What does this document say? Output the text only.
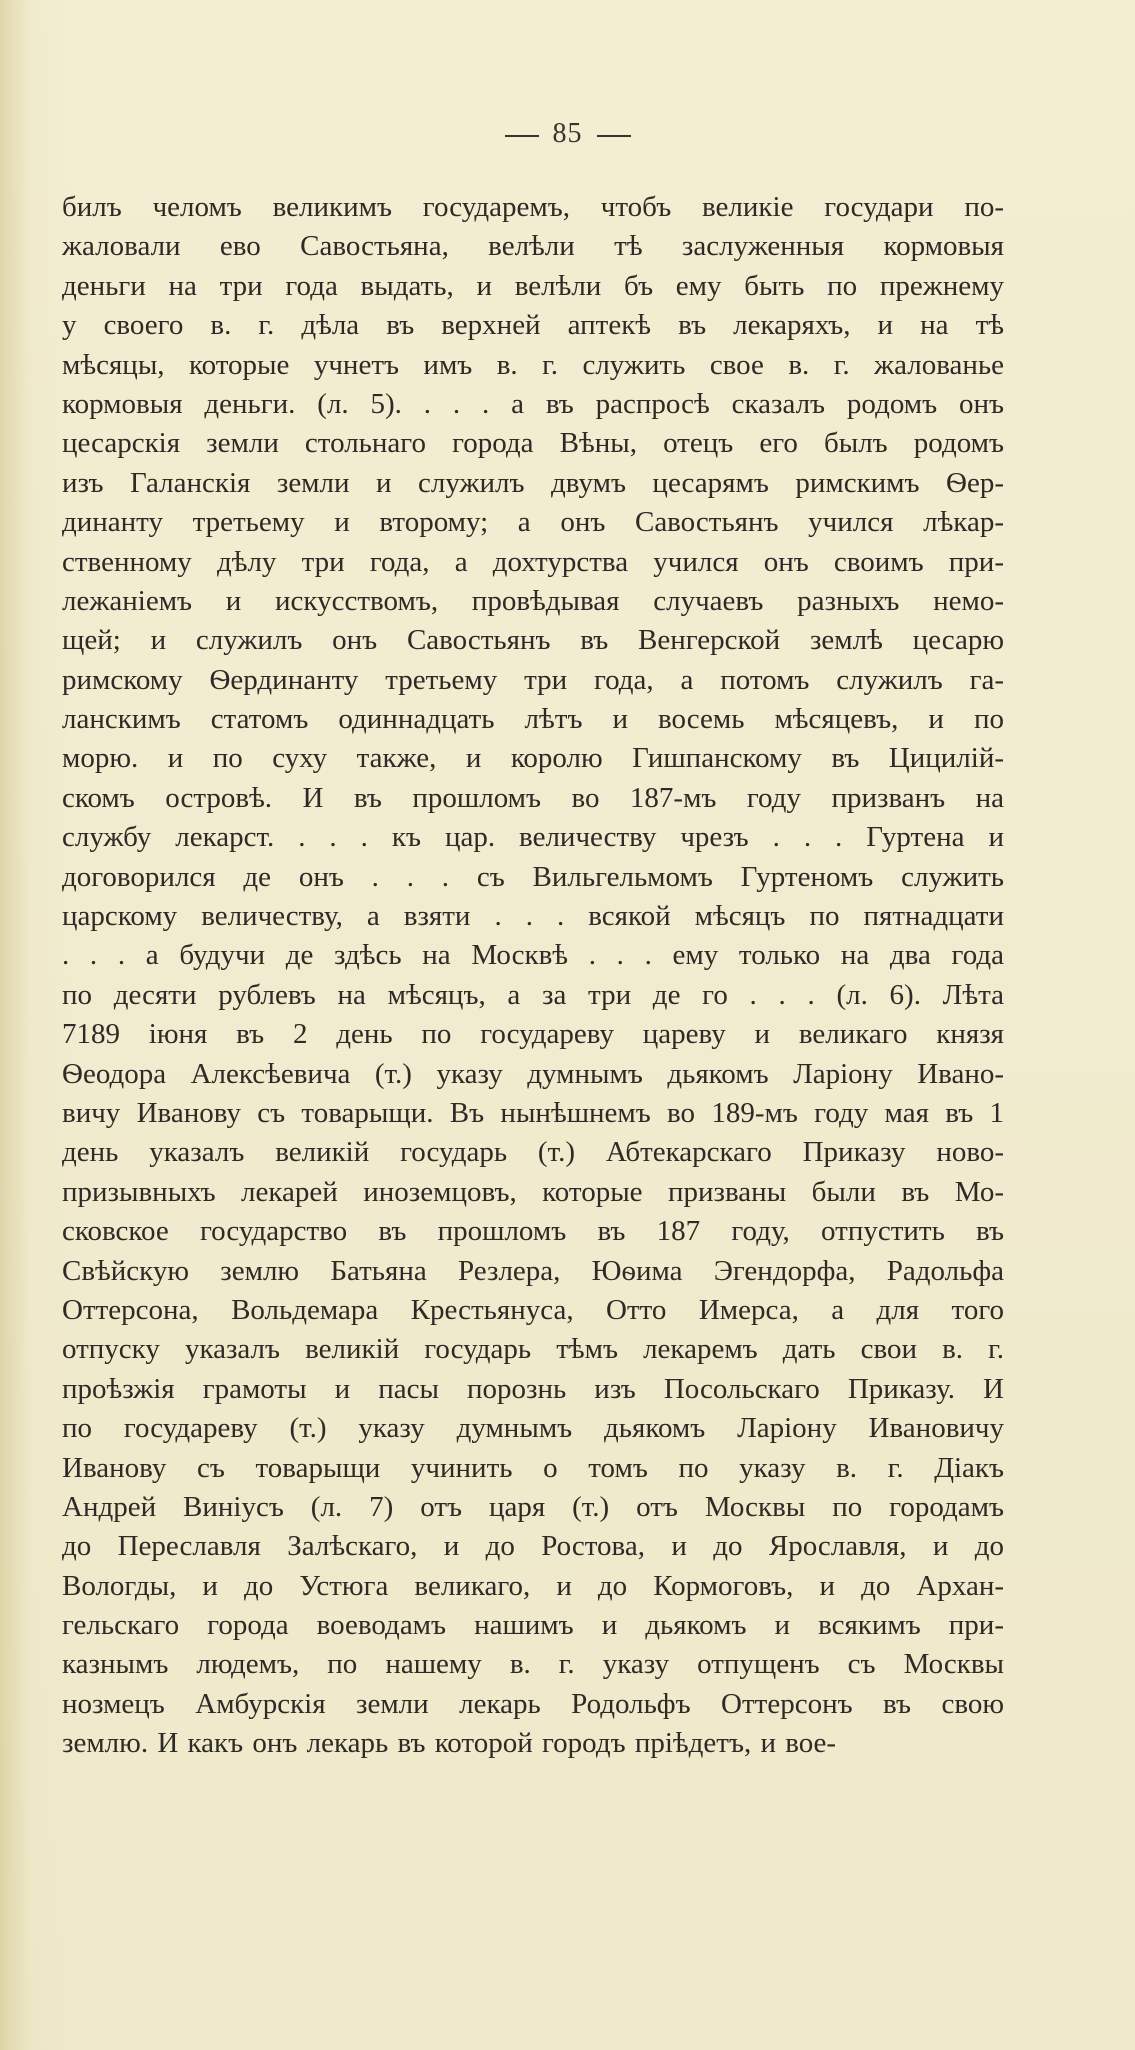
85
билъ челомъ великимъ государемъ, чтобъ великіе государи по-
жаловали ево Савостьяна, велѣли тѣ заслуженныя кормовыя
деньги на три года выдать, и велѣли бъ ему быть по прежнему
у своего в. г. дѣла въ верхней аптекѣ въ лекаряхъ, и на тѣ
мѣсяцы, которые учнетъ имъ в. г. служить свое в. г. жалованье
кормовыя деньги. (л. 5). . . . а въ распросѣ сказалъ родомъ онъ
цесарскія земли стольнаго города Вѣны, отецъ его былъ родомъ
изъ Галанскія земли и служилъ двумъ цесарямъ римскимъ Ѳер-
динанту третьему и второму; а онъ Савостьянъ учился лѣкар-
ственному дѣлу три года, а дохтурства учился онъ своимъ при-
лежаніемъ и искусствомъ, провѣдывая случаевъ разныхъ немо-
щей; и служилъ онъ Савостьянъ въ Венгерской землѣ цесарю
римскому Ѳердинанту третьему три года, а потомъ служилъ га-
ланскимъ статомъ одиннадцать лѣтъ и восемь мѣсяцевъ, и по
морю. и по суху также, и королю Гишпанскому въ Цицилій-
скомъ островѣ. И въ прошломъ во 187-мъ году призванъ на
службу лекарст. . . . къ цар. величеству чрезъ . . . Гуртена и
договорился де онъ . . . съ Вильгельмомъ Гуртеномъ служить
царскому величеству, а взяти . . . всякой мѣсяцъ по пятнадцати
. . . а будучи де здѣсь на Москвѣ . . . ему только на два года
по десяти рублевъ на мѣсяцъ, а за три де го . . . (л. 6). Лѣта
7189 іюня въ 2 день по государеву цареву и великаго князя
Ѳеодора Алексѣевича (т.) указу думнымъ дьякомъ Ларіону Ивано-
вичу Иванову съ товарыщи. Въ нынѣшнемъ во 189-мъ году мая въ 1
день указалъ великій государь (т.) Абтекарскаго Приказу ново-
призывныхъ лекарей иноземцовъ, которые призваны были въ Мо-
сковское государство въ прошломъ въ 187 году, отпустить въ
Свѣйскую землю Батьяна Резлера, Юѳима Эгендорфа, Радольфа
Оттерсона, Вольдемара Крестьянуса, Отто Имерса, а для того
отпуску указалъ великій государь тѣмъ лекаремъ дать свои в. г.
проѣзжія грамоты и пасы порознь изъ Посольскаго Приказу. И
по государеву (т.) указу думнымъ дьякомъ Ларіону Ивановичу
Иванову съ товарыщи учинить о томъ по указу в. г. Діакъ
Андрей Виніусъ (л. 7) отъ царя (т.) отъ Москвы по городамъ
до Переславля Залѣскаго, и до Ростова, и до Ярославля, и до
Вологды, и до Устюга великаго, и до Кормоговъ, и до Архан-
гельскаго города воеводамъ нашимъ и дьякомъ и всякимъ при-
казнымъ людемъ, по нашему в. г. указу отпущенъ съ Москвы
нозмецъ Амбурскія земли лекарь Родольфъ Оттерсонъ въ свою
землю. И какъ онъ лекарь въ которой городъ пріѣдетъ, и вое-
